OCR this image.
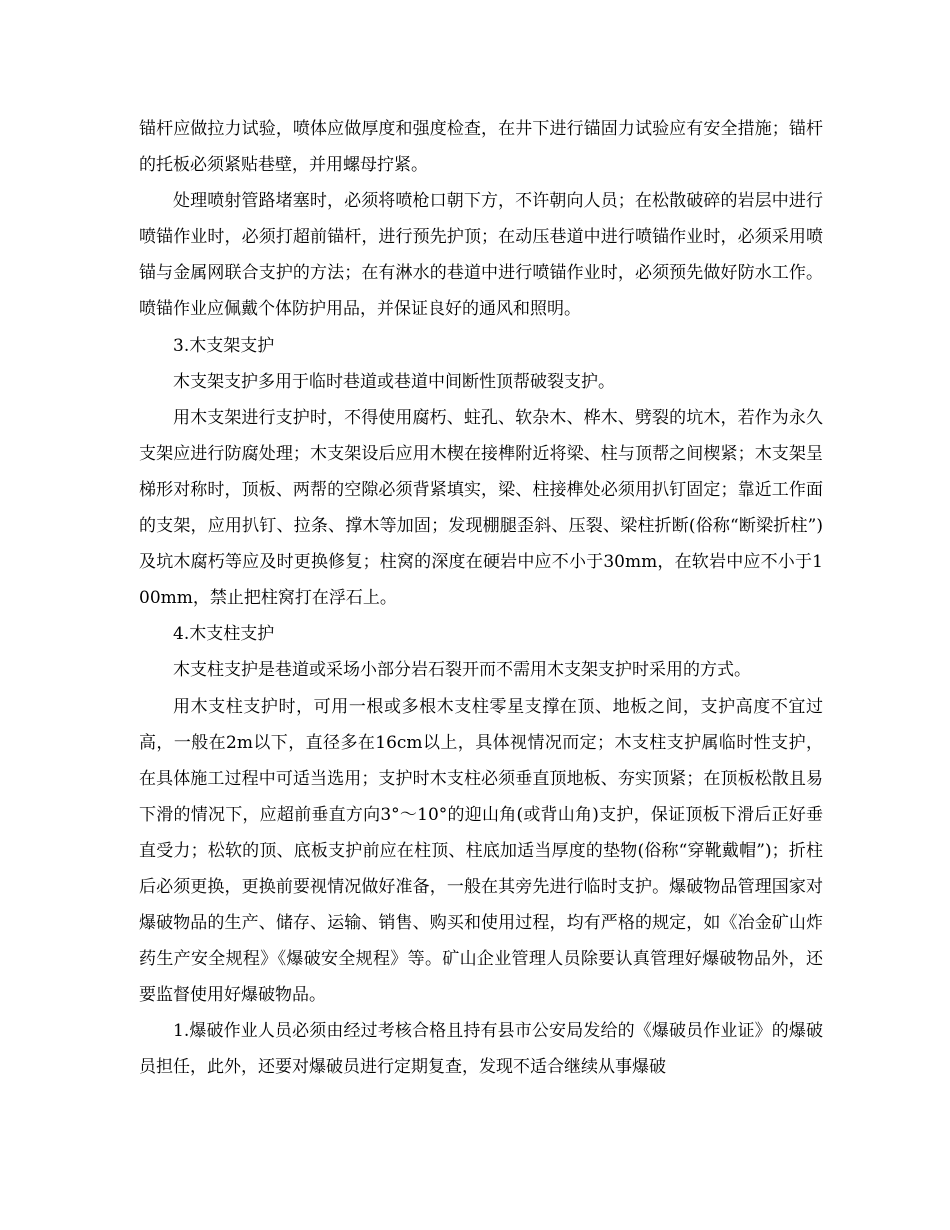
锚杆应做拉力试验，喷体应做厚度和强度检查，在井下进行锚固力试验应有安全措施；锚杆的托板必须紧贴巷壁，并用螺母拧紧。

处理喷射管路堵塞时，必须将喷枪口朝下方，不许朝向人员；在松散破碎的岩层中进行喷锚作业时，必须打超前锚杆，进行预先护顶；在动压巷道中进行喷锚作业时，必须采用喷锚与金属网联合支护的方法；在有淋水的巷道中进行喷锚作业时，必须预先做好防水工作。喷锚作业应佩戴个体防护用品，并保证良好的通风和照明。

3.木支架支护

木支架支护多用于临时巷道或巷道中间断性顶帮破裂支护。

用木支架进行支护时，不得使用腐朽、蛀孔、软杂木、桦木、劈裂的坑木，若作为永久支架应进行防腐处理；木支架设后应用木楔在接榫附近将梁、柱与顶帮之间楔紧；木支架呈梯形对称时，顶板、两帮的空隙必须背紧填实，梁、柱接榫处必须用扒钉固定；靠近工作面的支架，应用扒钉、拉条、撑木等加固；发现棚腿歪斜、压裂、梁柱折断(俗称“断梁折柱”)及坑木腐朽等应及时更换修复；柱窝的深度在硬岩中应不小于30mm，在软岩中应不小于100mm，禁止把柱窝打在浮石上。

4.木支柱支护

木支柱支护是巷道或采场小部分岩石裂开而不需用木支架支护时采用的方式。

用木支柱支护时，可用一根或多根木支柱零星支撑在顶、地板之间，支护高度不宜过高，一般在2m以下，直径多在16cm以上，具体视情况而定；木支柱支护属临时性支护，在具体施工过程中可适当选用；支护时木支柱必须垂直顶地板、夯实顶紧；在顶板松散且易下滑的情况下，应超前垂直方向3°～10°的迎山角(或背山角)支护，保证顶板下滑后正好垂直受力；松软的顶、底板支护前应在柱顶、柱底加适当厚度的垫物(俗称“穿靴戴帽”)；折柱后必须更换，更换前要视情况做好准备，一般在其旁先进行临时支护。爆破物品管理国家对爆破物品的生产、储存、运输、销售、购买和使用过程，均有严格的规定，如《冶金矿山炸药生产安全规程》《爆破安全规程》等。矿山企业管理人员除要认真管理好爆破物品外，还要监督使用好爆破物品。

1.爆破作业人员必须由经过考核合格且持有县市公安局发给的《爆破员作业证》的爆破员担任，此外，还要对爆破员进行定期复查，发现不适合继续从事爆破
